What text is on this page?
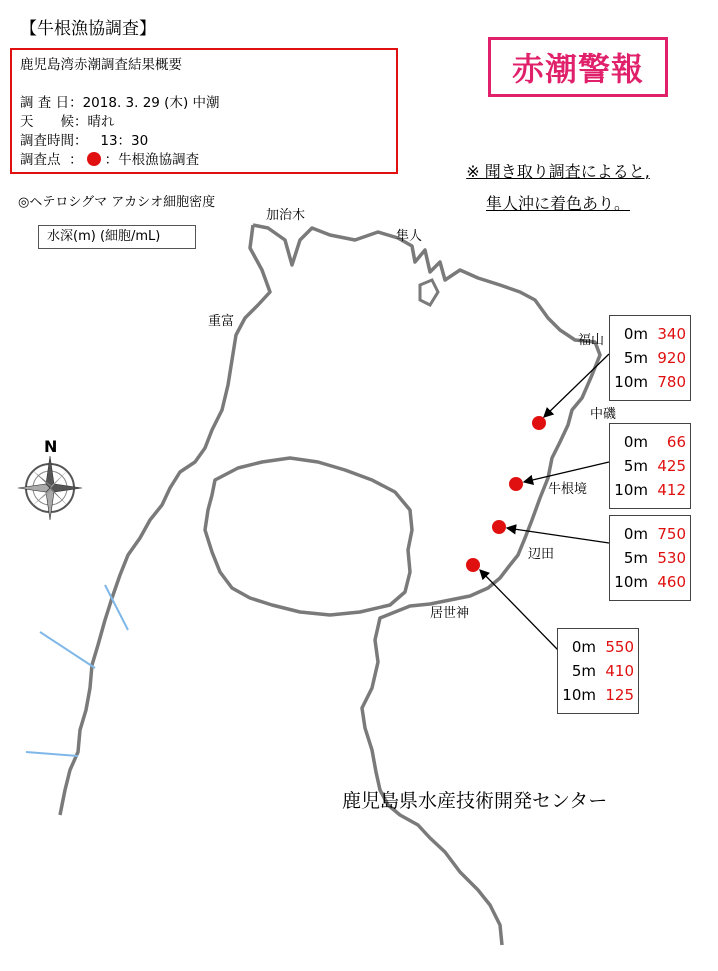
【牛根漁協調査】
鹿児島湾赤潮調査結果概要
調 査 日：2018. 3. 29 (木) 中潮
天　　候：晴れ
調査時間：   13：30
調査点  ： ：牛根漁協調査
赤潮警報
※ 聞き取り調査によると,
隼人沖に着色あり。
◎ヘテロシグマ アカシオ細胞密度
水深(m) (細胞/mL)
加治木
隼人
重富
福山
中磯
牛根境
辺田
居世神
N
0m 340
5m 920
10m 780
0m	66
5m 425
10m 412
0m 750
5m 530
10m 460
0m 550
5m 410
10m 125
鹿児島県水産技術開発センター
